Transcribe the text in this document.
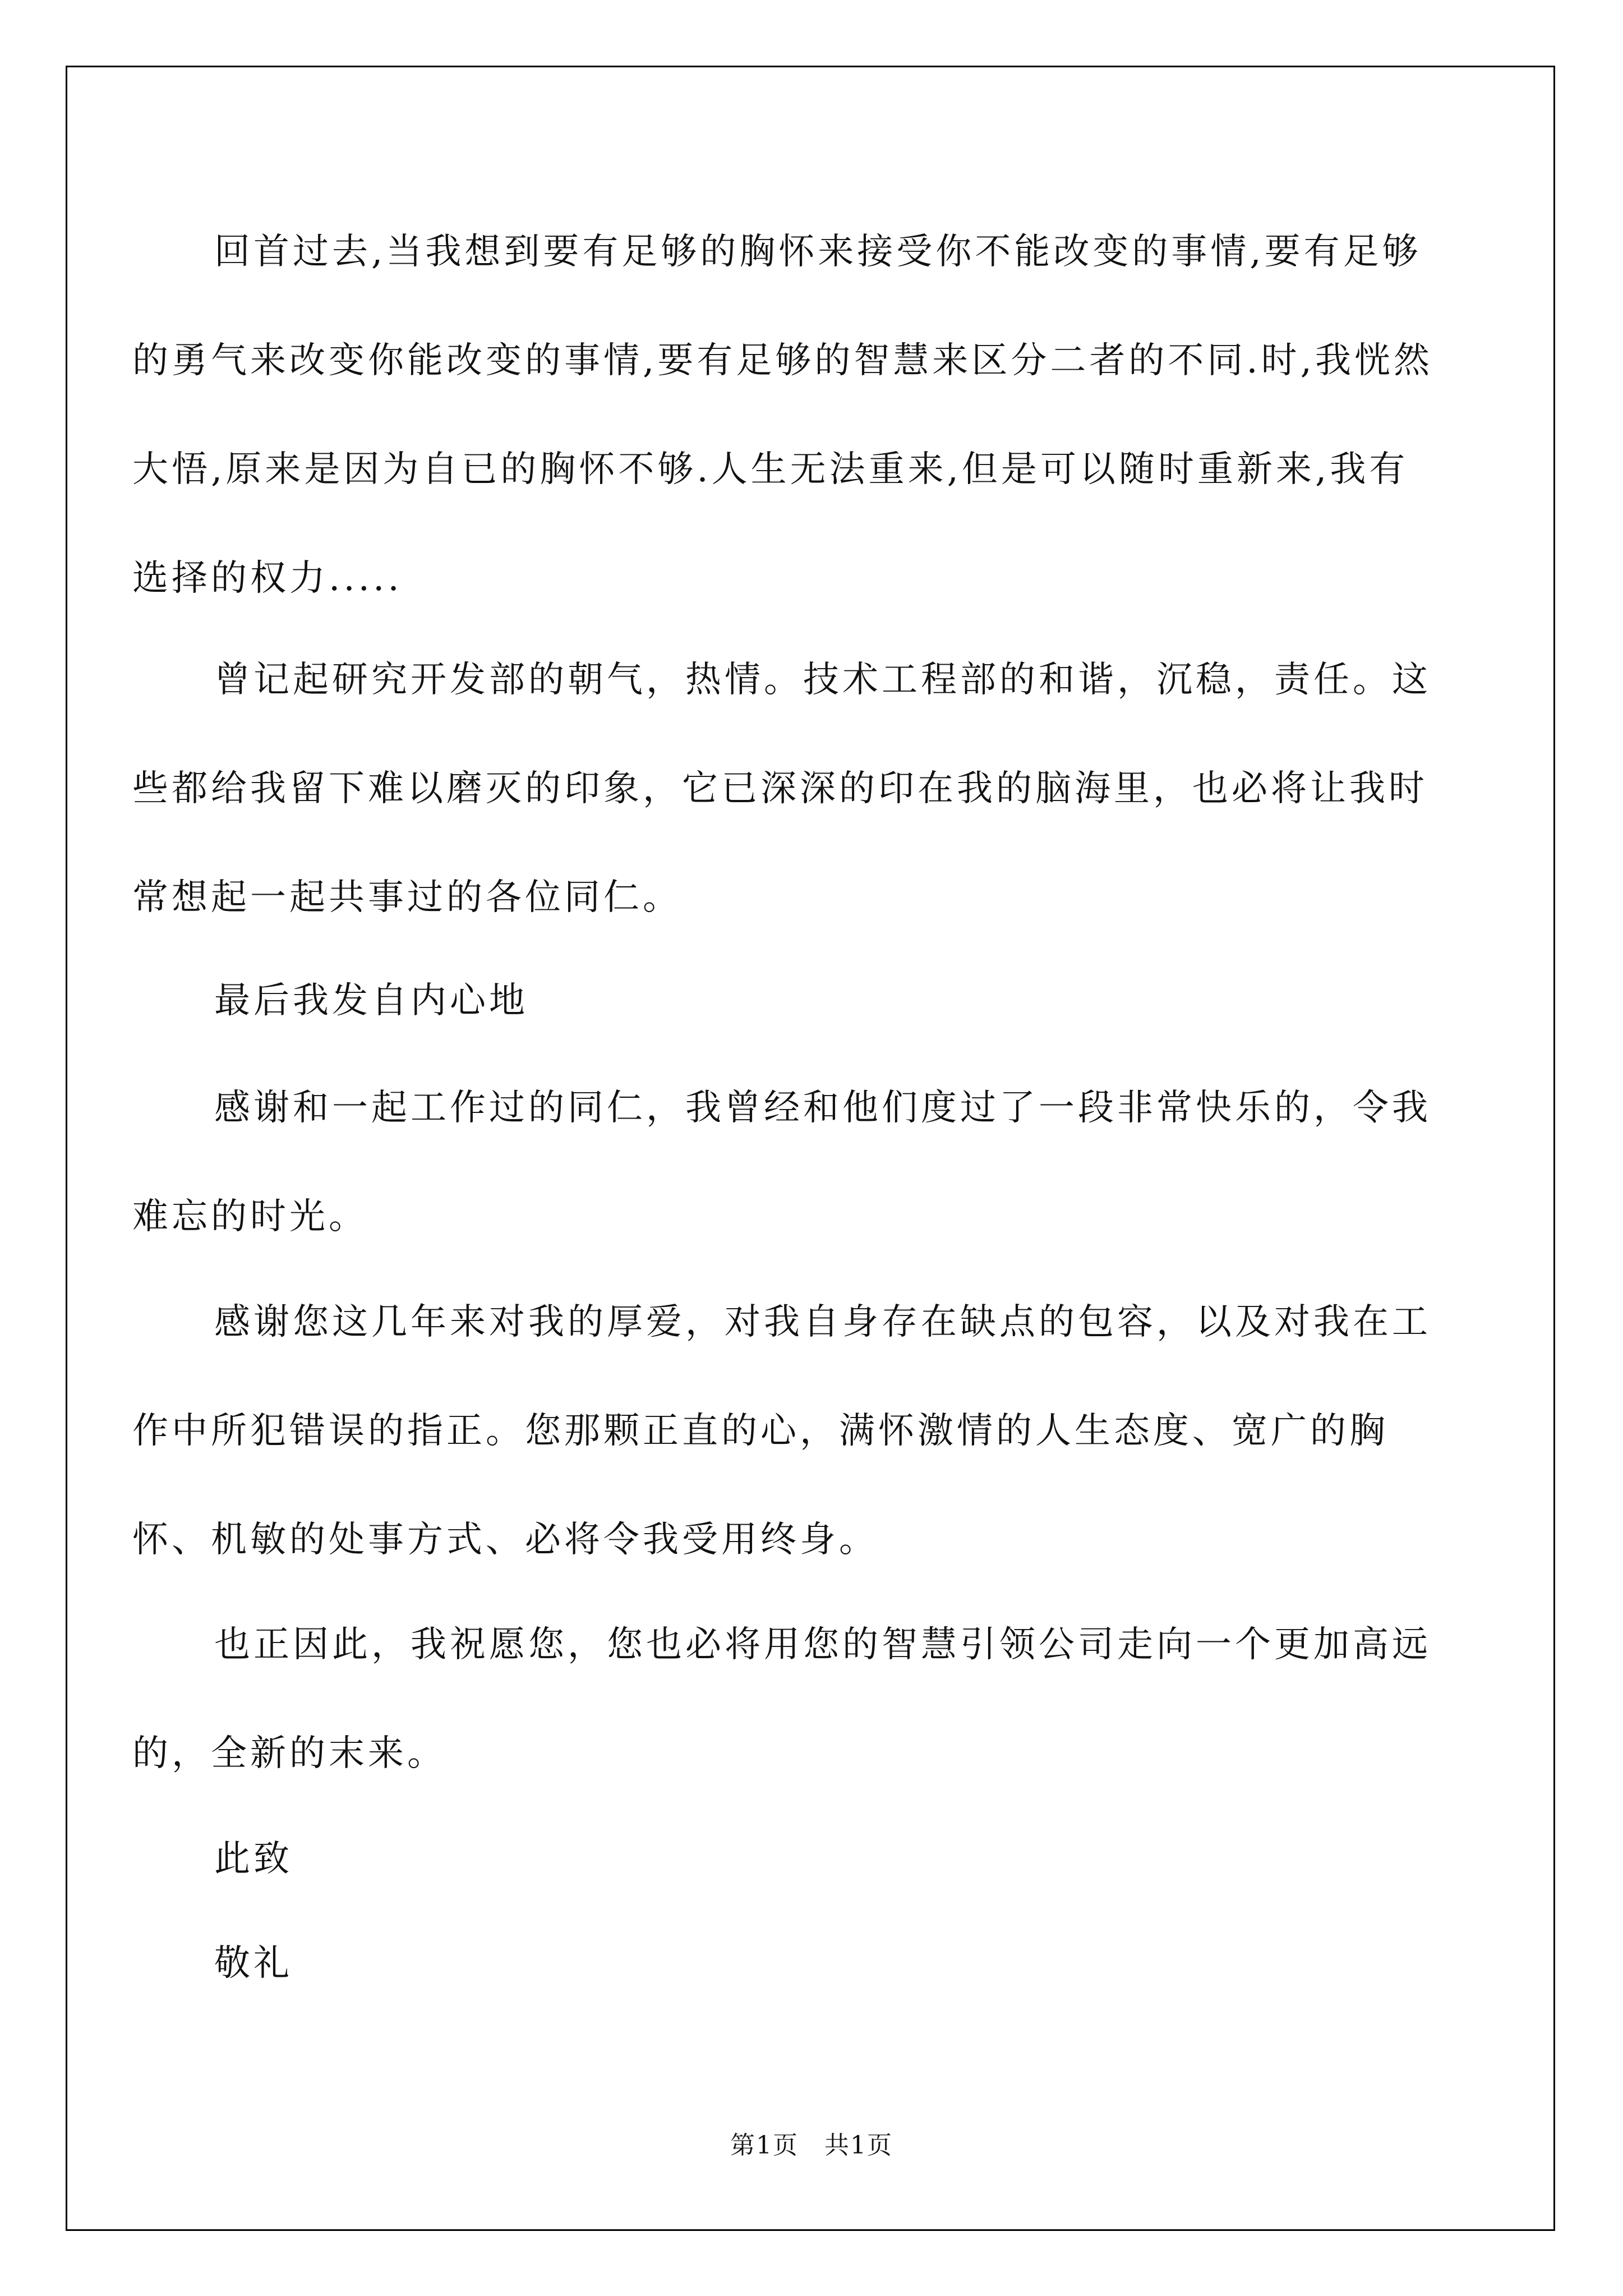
回首过去,当我想到要有足够的胸怀来接受你不能改变的事情,要有足够的勇气来改变你能改变的事情,要有足够的智慧来区分二者的不同.时,我恍然大悟,原来是因为自已的胸怀不够.人生无法重来,但是可以随时重新来,我有选择的权力.....

曾记起研究开发部的朝气，热情。技术工程部的和谐，沉稳，责任。这些都给我留下难以磨灭的印象，它已深深的印在我的脑海里，也必将让我时常想起一起共事过的各位同仁。

最后我发自内心地

感谢和一起工作过的同仁，我曾经和他们度过了一段非常快乐的，令我难忘的时光。

感谢您这几年来对我的厚爱，对我自身存在缺点的包容，以及对我在工作中所犯错误的指正。您那颗正直的心，满怀激情的人生态度、宽广的胸怀、机敏的处事方式、必将令我受用终身。

也正因此，我祝愿您，您也必将用您的智慧引领公司走向一个更加高远的，全新的末来。

此致

敬礼

第1页　共1页
